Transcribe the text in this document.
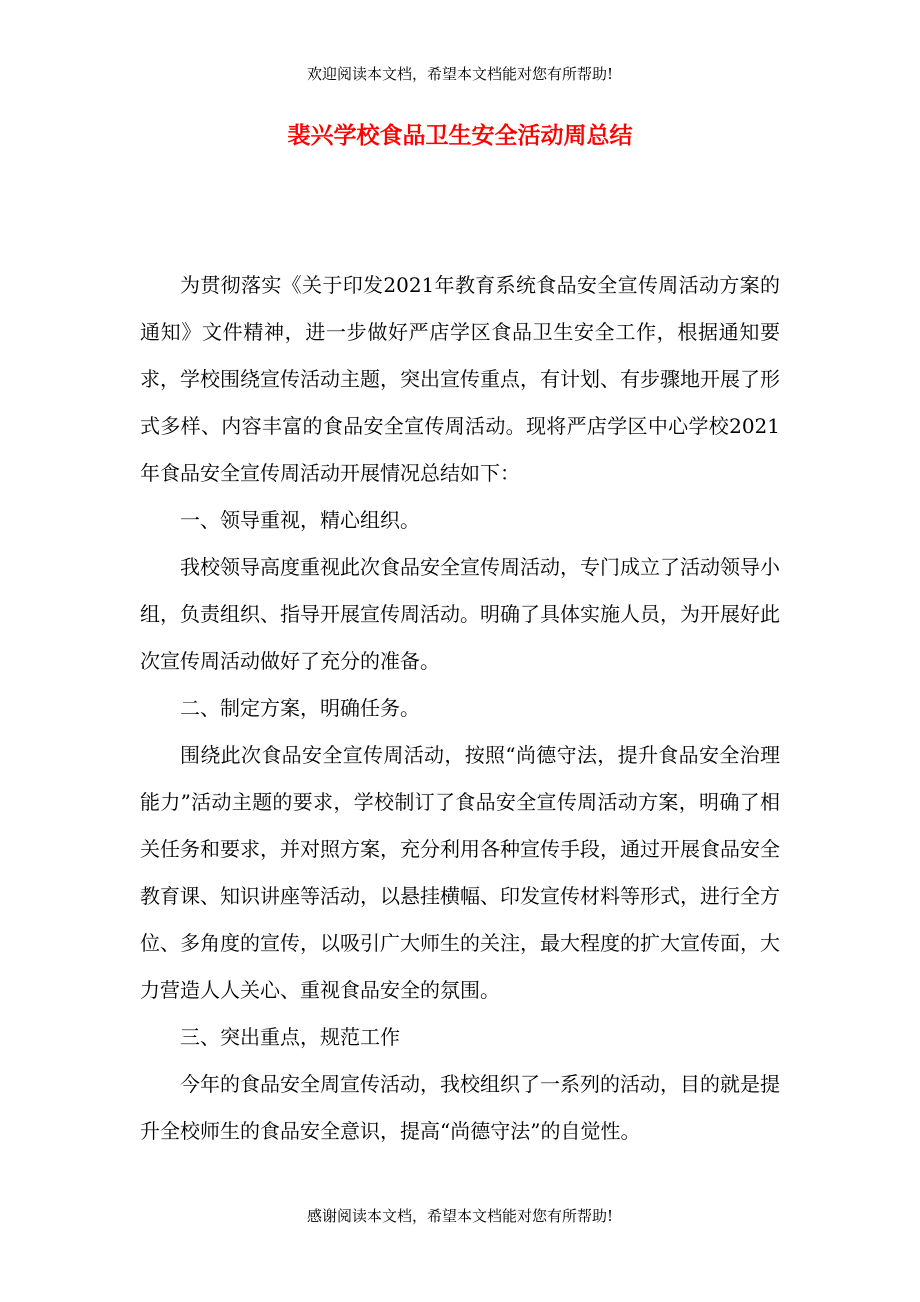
欢迎阅读本文档，希望本文档能对您有所帮助!

裴兴学校食品卫生安全活动周总结

为贯彻落实《关于印发2021年教育系统食品安全宣传周活动方案的通知》文件精神，进一步做好严店学区食品卫生安全工作，根据通知要求，学校围绕宣传活动主题，突出宣传重点，有计划、有步骤地开展了形式多样、内容丰富的食品安全宣传周活动。现将严店学区中心学校2021年食品安全宣传周活动开展情况总结如下：

一、领导重视，精心组织。

我校领导高度重视此次食品安全宣传周活动，专门成立了活动领导小组，负责组织、指导开展宣传周活动。明确了具体实施人员，为开展好此次宣传周活动做好了充分的准备。

二、制定方案，明确任务。

围绕此次食品安全宣传周活动，按照“尚德守法，提升食品安全治理能力”活动主题的要求，学校制订了食品安全宣传周活动方案，明确了相关任务和要求，并对照方案，充分利用各种宣传手段，通过开展食品安全教育课、知识讲座等活动，以悬挂横幅、印发宣传材料等形式，进行全方位、多角度的宣传，以吸引广大师生的关注，最大程度的扩大宣传面，大力营造人人关心、重视食品安全的氛围。

三、突出重点，规范工作

今年的食品安全周宣传活动，我校组织了一系列的活动，目的就是提升全校师生的食品安全意识，提高“尚德守法”的自觉性。

感谢阅读本文档，希望本文档能对您有所帮助!
